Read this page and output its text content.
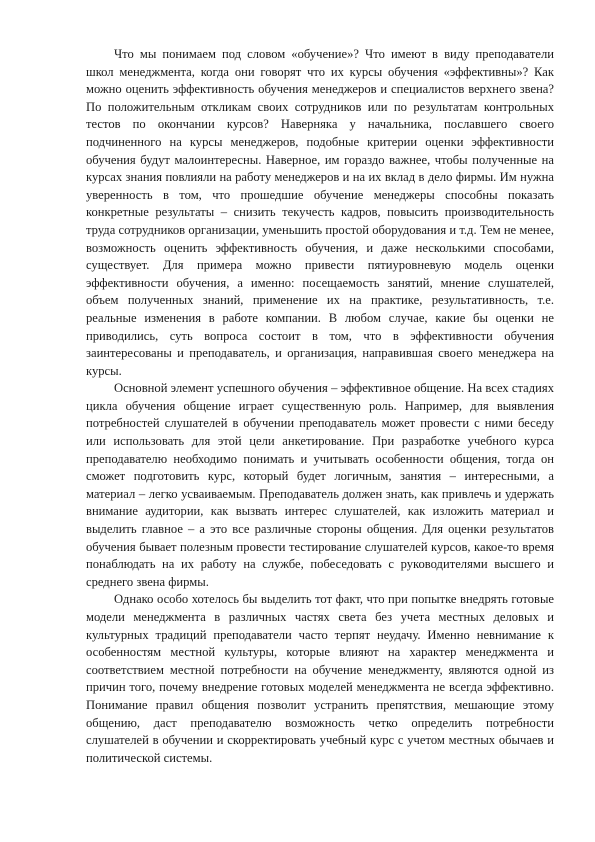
Что мы понимаем под словом «обучение»? Что имеют в виду преподаватели школ менеджмента, когда они говорят что их курсы обучения «эффективны»? Как можно оценить эффективность обучения менеджеров и специалистов верхнего звена? По положительным откликам своих сотрудников или по результатам контрольных тестов по окончании курсов? Наверняка у начальника, пославшего своего подчиненного на курсы менеджеров, подобные критерии оценки эффективности обучения будут малоинтересны. Наверное, им гораздо важнее, чтобы полученные на курсах знания повлияли на работу менеджеров и на их вклад в дело фирмы. Им нужна уверенность в том, что прошедшие обучение менеджеры способны показать конкретные результаты – снизить текучесть кадров, повысить производительность труда сотрудников организации, уменьшить простой оборудования и т.д. Тем не менее, возможность оценить эффективность обучения, и даже несколькими способами, существует. Для примера можно привести пятиуровневую модель оценки эффективности обучения, а именно: посещаемость занятий, мнение слушателей, объем полученных знаний, применение их на практике, результативность, т.е. реальные изменения в работе компании. В любом случае, какие бы оценки не приводились, суть вопроса состоит в том, что в эффективности обучения заинтересованы и преподаватель, и организация, направившая своего менеджера на курсы.

Основной элемент успешного обучения – эффективное общение. На всех стадиях цикла обучения общение играет существенную роль. Например, для выявления потребностей слушателей в обучении преподаватель может провести с ними беседу или использовать для этой цели анкетирование. При разработке учебного курса преподавателю необходимо понимать и учитывать особенности общения, тогда он сможет подготовить курс, который будет логичным, занятия – интересными, а материал – легко усваиваемым. Преподаватель должен знать, как привлечь и удержать внимание аудитории, как вызвать интерес слушателей, как изложить материал и выделить главное – а это все различные стороны общения. Для оценки результатов обучения бывает полезным провести тестирование слушателей курсов, какое-то время понаблюдать на их работу на службе, побеседовать с руководителями высшего и среднего звена фирмы.

Однако особо хотелось бы выделить тот факт, что при попытке внедрять готовые модели менеджмента в различных частях света без учета местных деловых и культурных традиций преподаватели часто терпят неудачу. Именно невнимание к особенностям местной культуры, которые влияют на характер менеджмента и соответствием местной потребности на обучение менеджменту, являются одной из причин того, почему внедрение готовых моделей менеджмента не всегда эффективно. Понимание правил общения позволит устранить препятствия, мешающие этому общению, даст преподавателю возможность четко определить потребности слушателей в обучении и скорректировать учебный курс с учетом местных обычаев и политической системы.
